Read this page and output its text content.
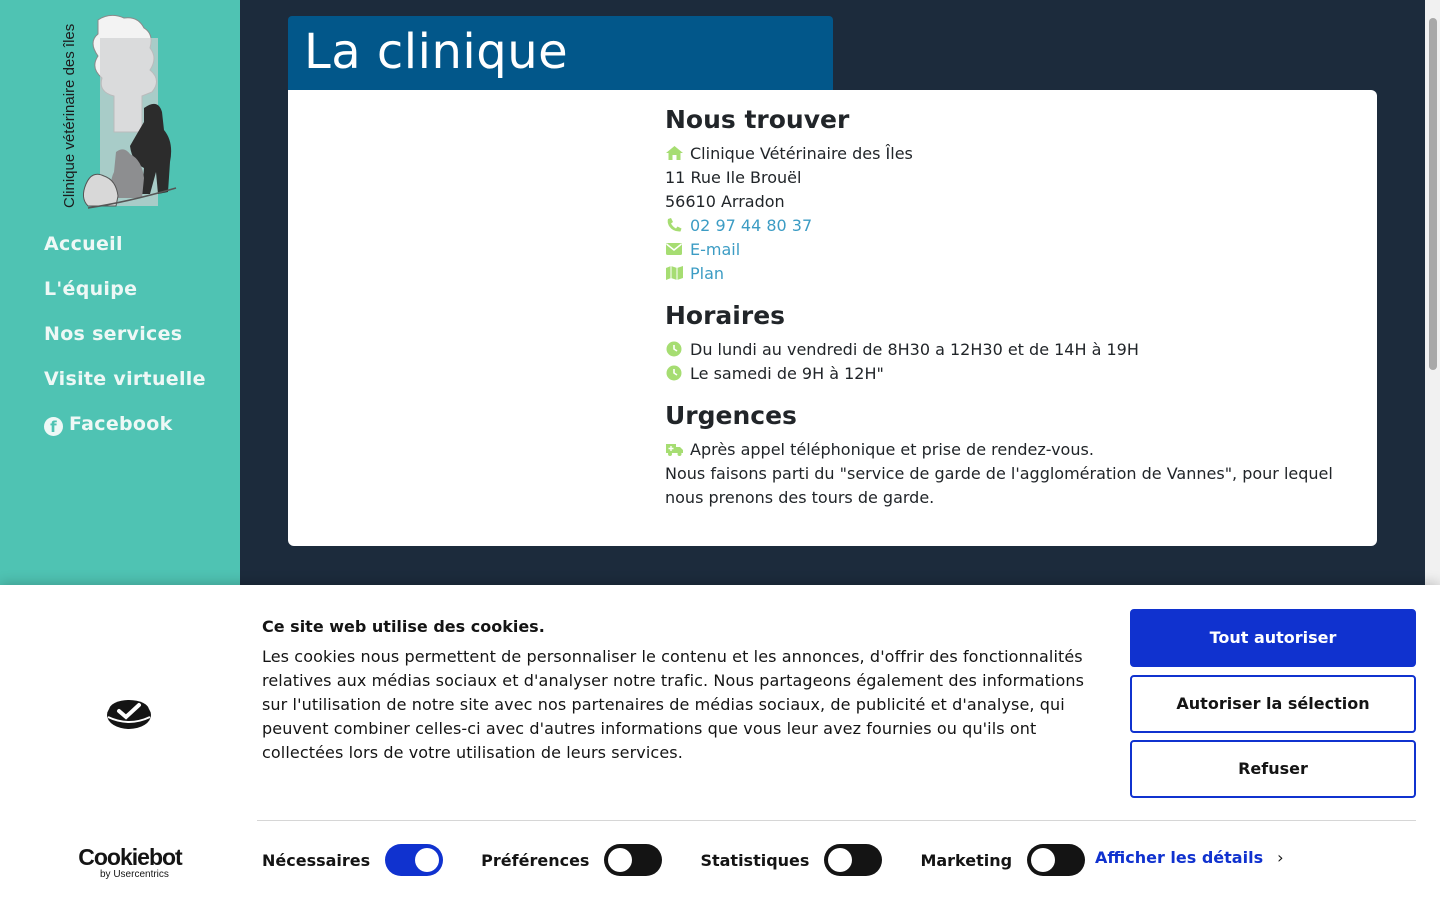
Clinique vétérinaire des îles
Accueil
L'équipe
Nos services
Visite virtuelle
f Facebook
La clinique
Nous trouver
Clinique Vétérinaire des Îles
11 Rue Ile Brouël
56610 Arradon
02 97 44 80 37
E-mail
Plan
Horaires
Du lundi au vendredi de 8H30 a 12H30 et de 14H à 19H
Le samedi de 9H à 12H"
Urgences
Après appel téléphonique et prise de rendez-vous.
Nous faisons parti du "service de garde de l'agglomération de Vannes", pour lequel nous prenons des tours de garde.
Cookiebot
by Usercentrics
Ce site web utilise des cookies.
Les cookies nous permettent de personnaliser le contenu et les annonces, d'offrir des fonctionnalités relatives aux médias sociaux et d'analyser notre trafic. Nous partageons également des informations sur l'utilisation de notre site avec nos partenaires de médias sociaux, de publicité et d'analyse, qui peuvent combiner celles-ci avec d'autres informations que vous leur avez fournies ou qu'ils ont collectées lors de votre utilisation de leurs services.
Tout autoriser
Autoriser la sélection
Refuser
Nécessaires	Préférences	Statistiques	Marketing	Afficher les détails ›
